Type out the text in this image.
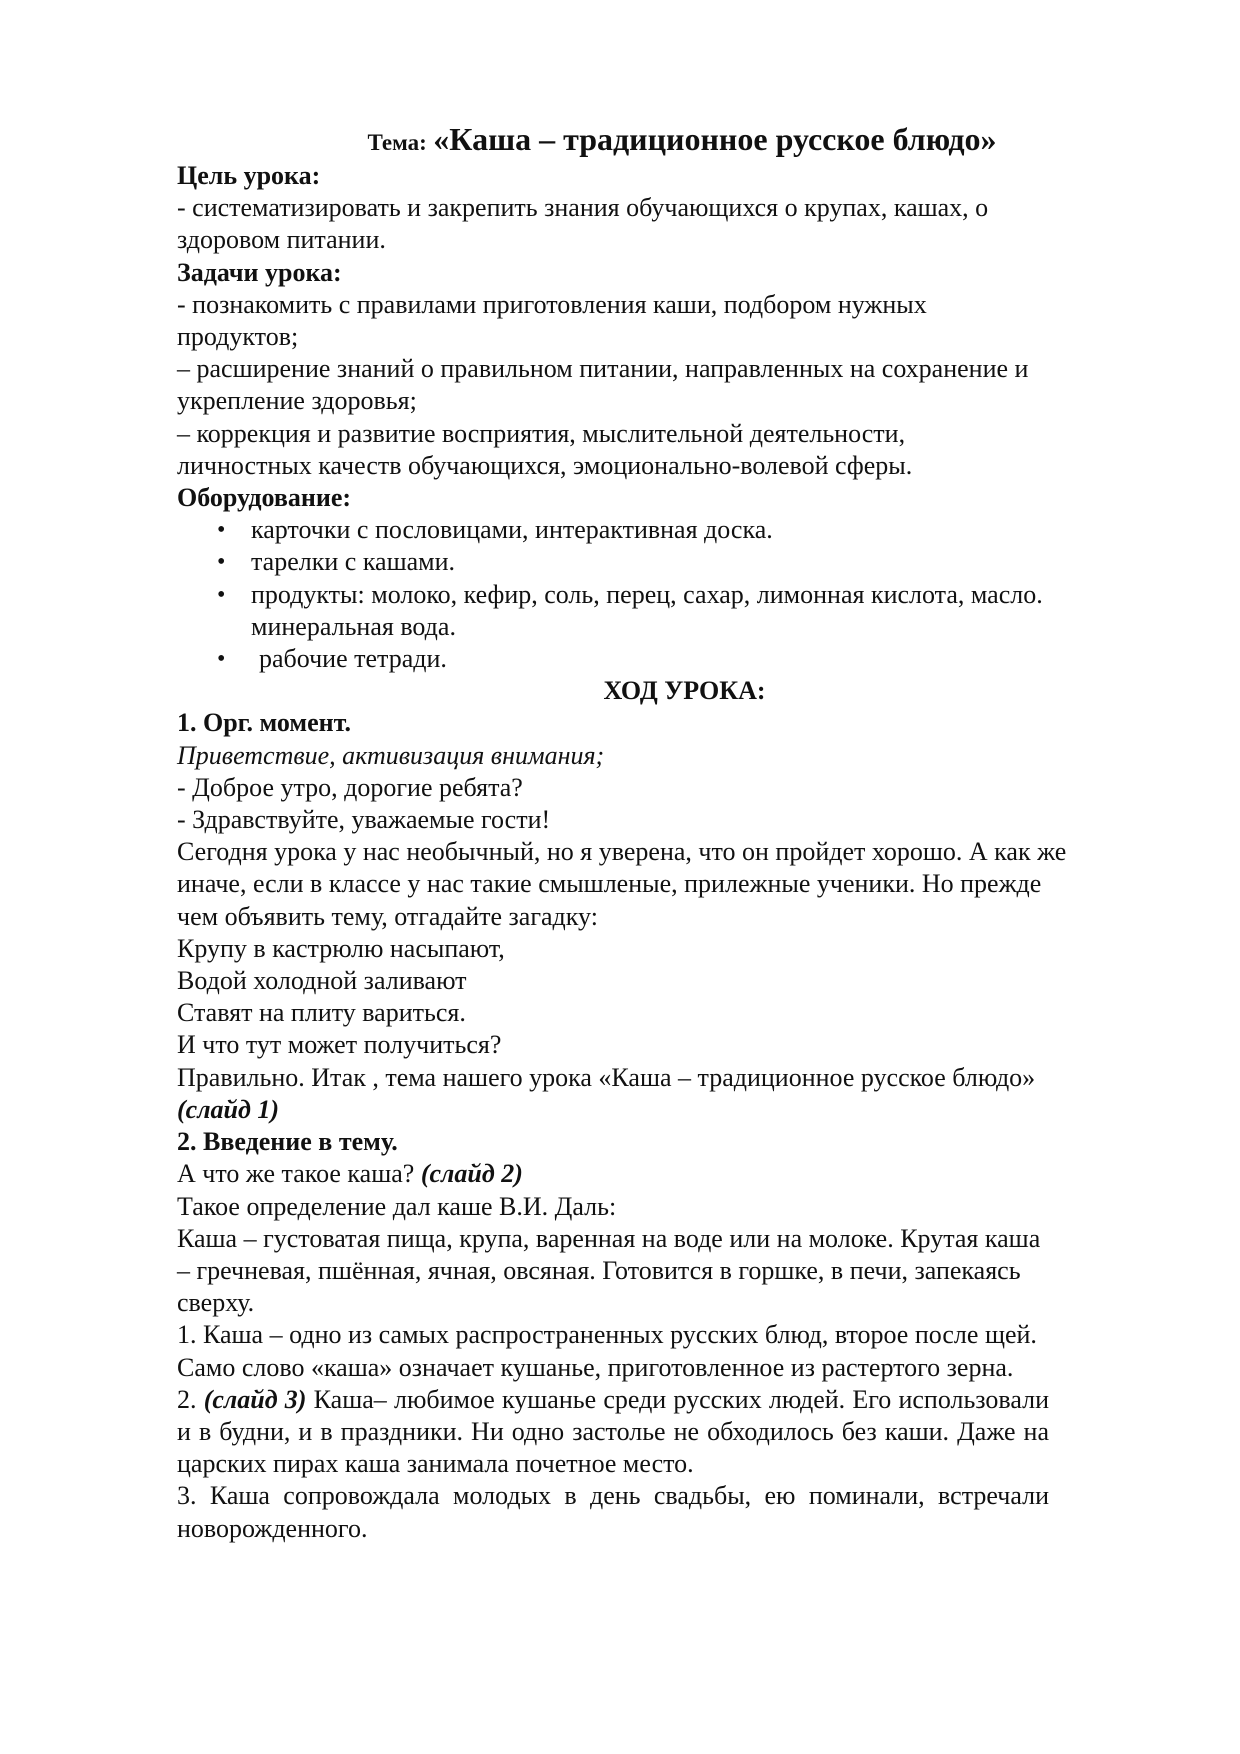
Тема: «Каша – традиционное русское блюдо»

Цель урока:

- систематизировать и закрепить знания обучающихся о крупах, кашах, о здоровом питании.

Задачи урока:

- познакомить с правилами приготовления каши, подбором нужных продуктов;

– расширение знаний о правильном питании, направленных на сохранение и укрепление здоровья;

– коррекция и развитие восприятия, мыслительной деятельности, личностных качеств обучающихся, эмоционально-волевой сферы.

Оборудование:

• карточки с пословицами, интерактивная доска.
• тарелки с кашами.
• продукты: молоко, кефир, соль, перец, сахар, лимонная кислота, масло. минеральная вода.
• рабочие тетради.

ХОД УРОКА:

1. Орг. момент.

Приветствие, активизация внимания;

- Доброе утро, дорогие ребята?

- Здравствуйте, уважаемые гости!

Сегодня урока у нас необычный, но я уверена, что он пройдет хорошо. А как же иначе, если в классе у нас такие смышленые, прилежные ученики. Но прежде чем объявить тему, отгадайте загадку:

Крупу в кастрюлю насыпают,

Водой холодной заливают

Ставят на плиту вариться.

И что тут может получиться?

Правильно. Итак , тема нашего урока «Каша – традиционное русское блюдо»

(слайд 1)

2. Введение в тему.

А что же такое каша? (слайд 2)

Такое определение дал каше В.И. Даль:

Каша – густоватая пища, крупа, варенная на воде или на молоке. Крутая каша – гречневая, пшённая, ячная, овсяная. Готовится в горшке, в печи, запекаясь сверху.

1. Каша – одно из самых распространенных русских блюд, второе после щей. Само слово «каша» означает кушанье, приготовленное из растертого зерна.

2. (слайд 3) Каша– любимое кушанье среди русских людей. Его использовали и в будни, и в праздники. Ни одно застолье не обходилось без каши. Даже на царских пирах каша занимала почетное место.

3. Каша сопровождала молодых в день свадьбы, ею поминали, встречали новорожденного.
